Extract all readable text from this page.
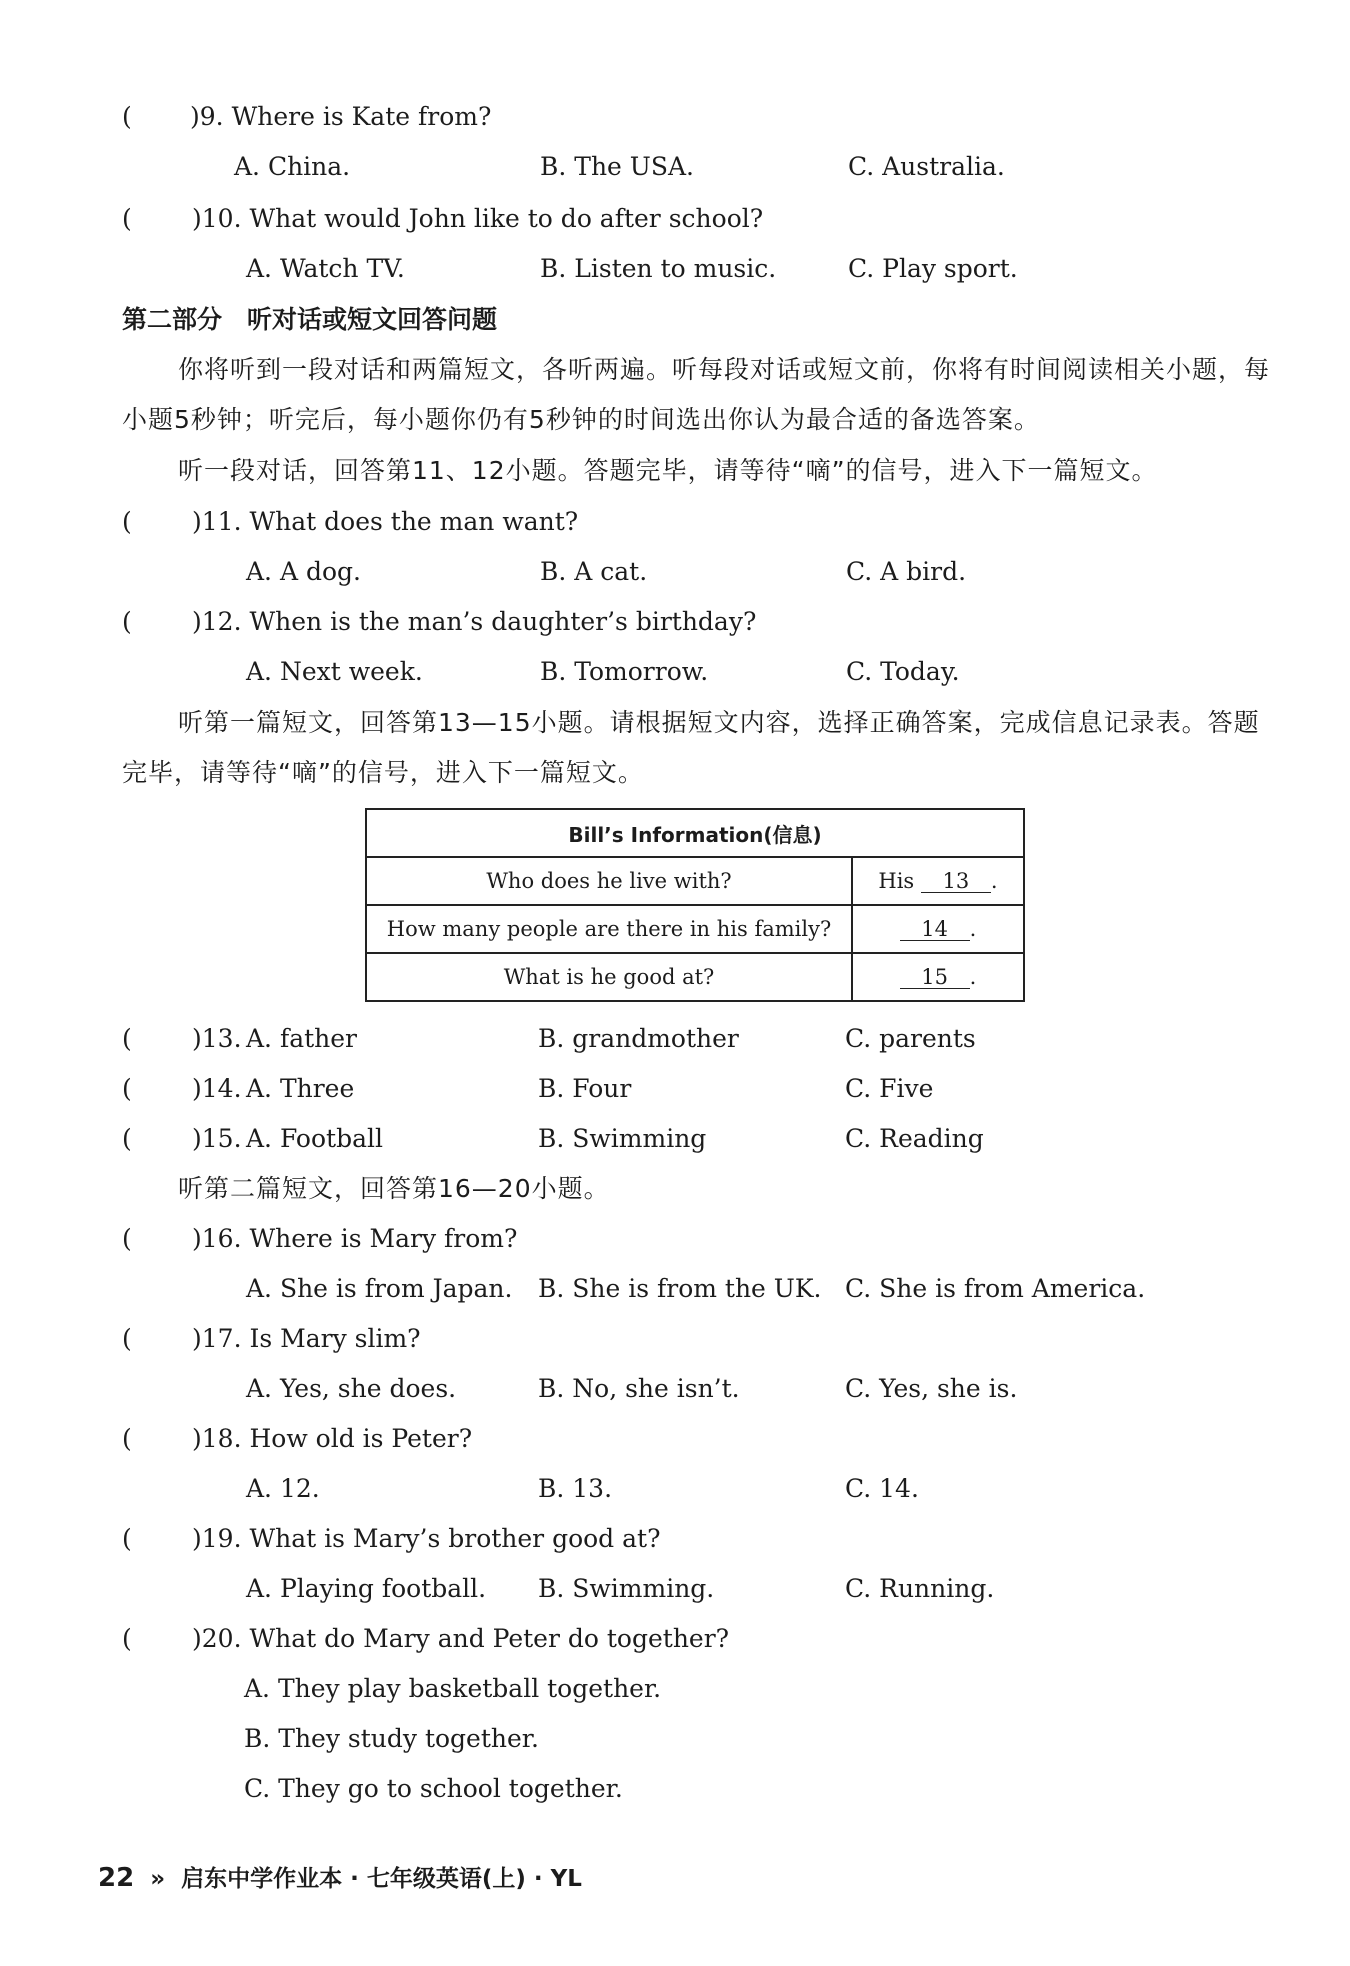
( )9. Where is Kate from?
A. China.	B. The USA.	C. Australia.
( )10. What would John like to do after school?
A. Watch TV.	B. Listen to music.	C. Play sport.
第二部分　听对话或短文回答问题
你将听到一段对话和两篇短文，各听两遍。听每段对话或短文前，你将有时间阅读相关小题，每小题5秒钟；听完后，每小题你仍有5秒钟的时间选出你认为最合适的备选答案。
听一段对话，回答第11、12小题。答题完毕，请等待“嘀”的信号，进入下一篇短文。
( )11. What does the man want?
A. A dog.	B. A cat.	C. A bird.
( )12. When is the man’s daughter’s birthday?
A. Next week.	B. Tomorrow.	C. Today.
听第一篇短文，回答第13—15小题。请根据短文内容，选择正确答案，完成信息记录表。答题完毕，请等待“嘀”的信号，进入下一篇短文。
Bill’s Information(信息)	
Who does he live with?	His 13 .
How many people are there in his family?	14 .
What is he good at?	15 .
( )13. A. father	B. grandmother	C. parents
( )14. A. Three	B. Four	C. Five
( )15. A. Football	B. Swimming	C. Reading
听第二篇短文，回答第16—20小题。
( )16. Where is Mary from?
A. She is from Japan. B. She is from the UK. C. She is from America.
( )17. Is Mary slim?
A. Yes, she does.	B. No, she isn’t.	C. Yes, she is.
( )18. How old is Peter?
A. 12.	B. 13.	C. 14.
( )19. What is Mary’s brother good at?
A. Playing football. B. Swimming.	C. Running.
( )20. What do Mary and Peter do together?
A. They play basketball together.
B. They study together.
C. They go to school together.
22 » 启东中学作业本 · 七年级英语(上) · YL
